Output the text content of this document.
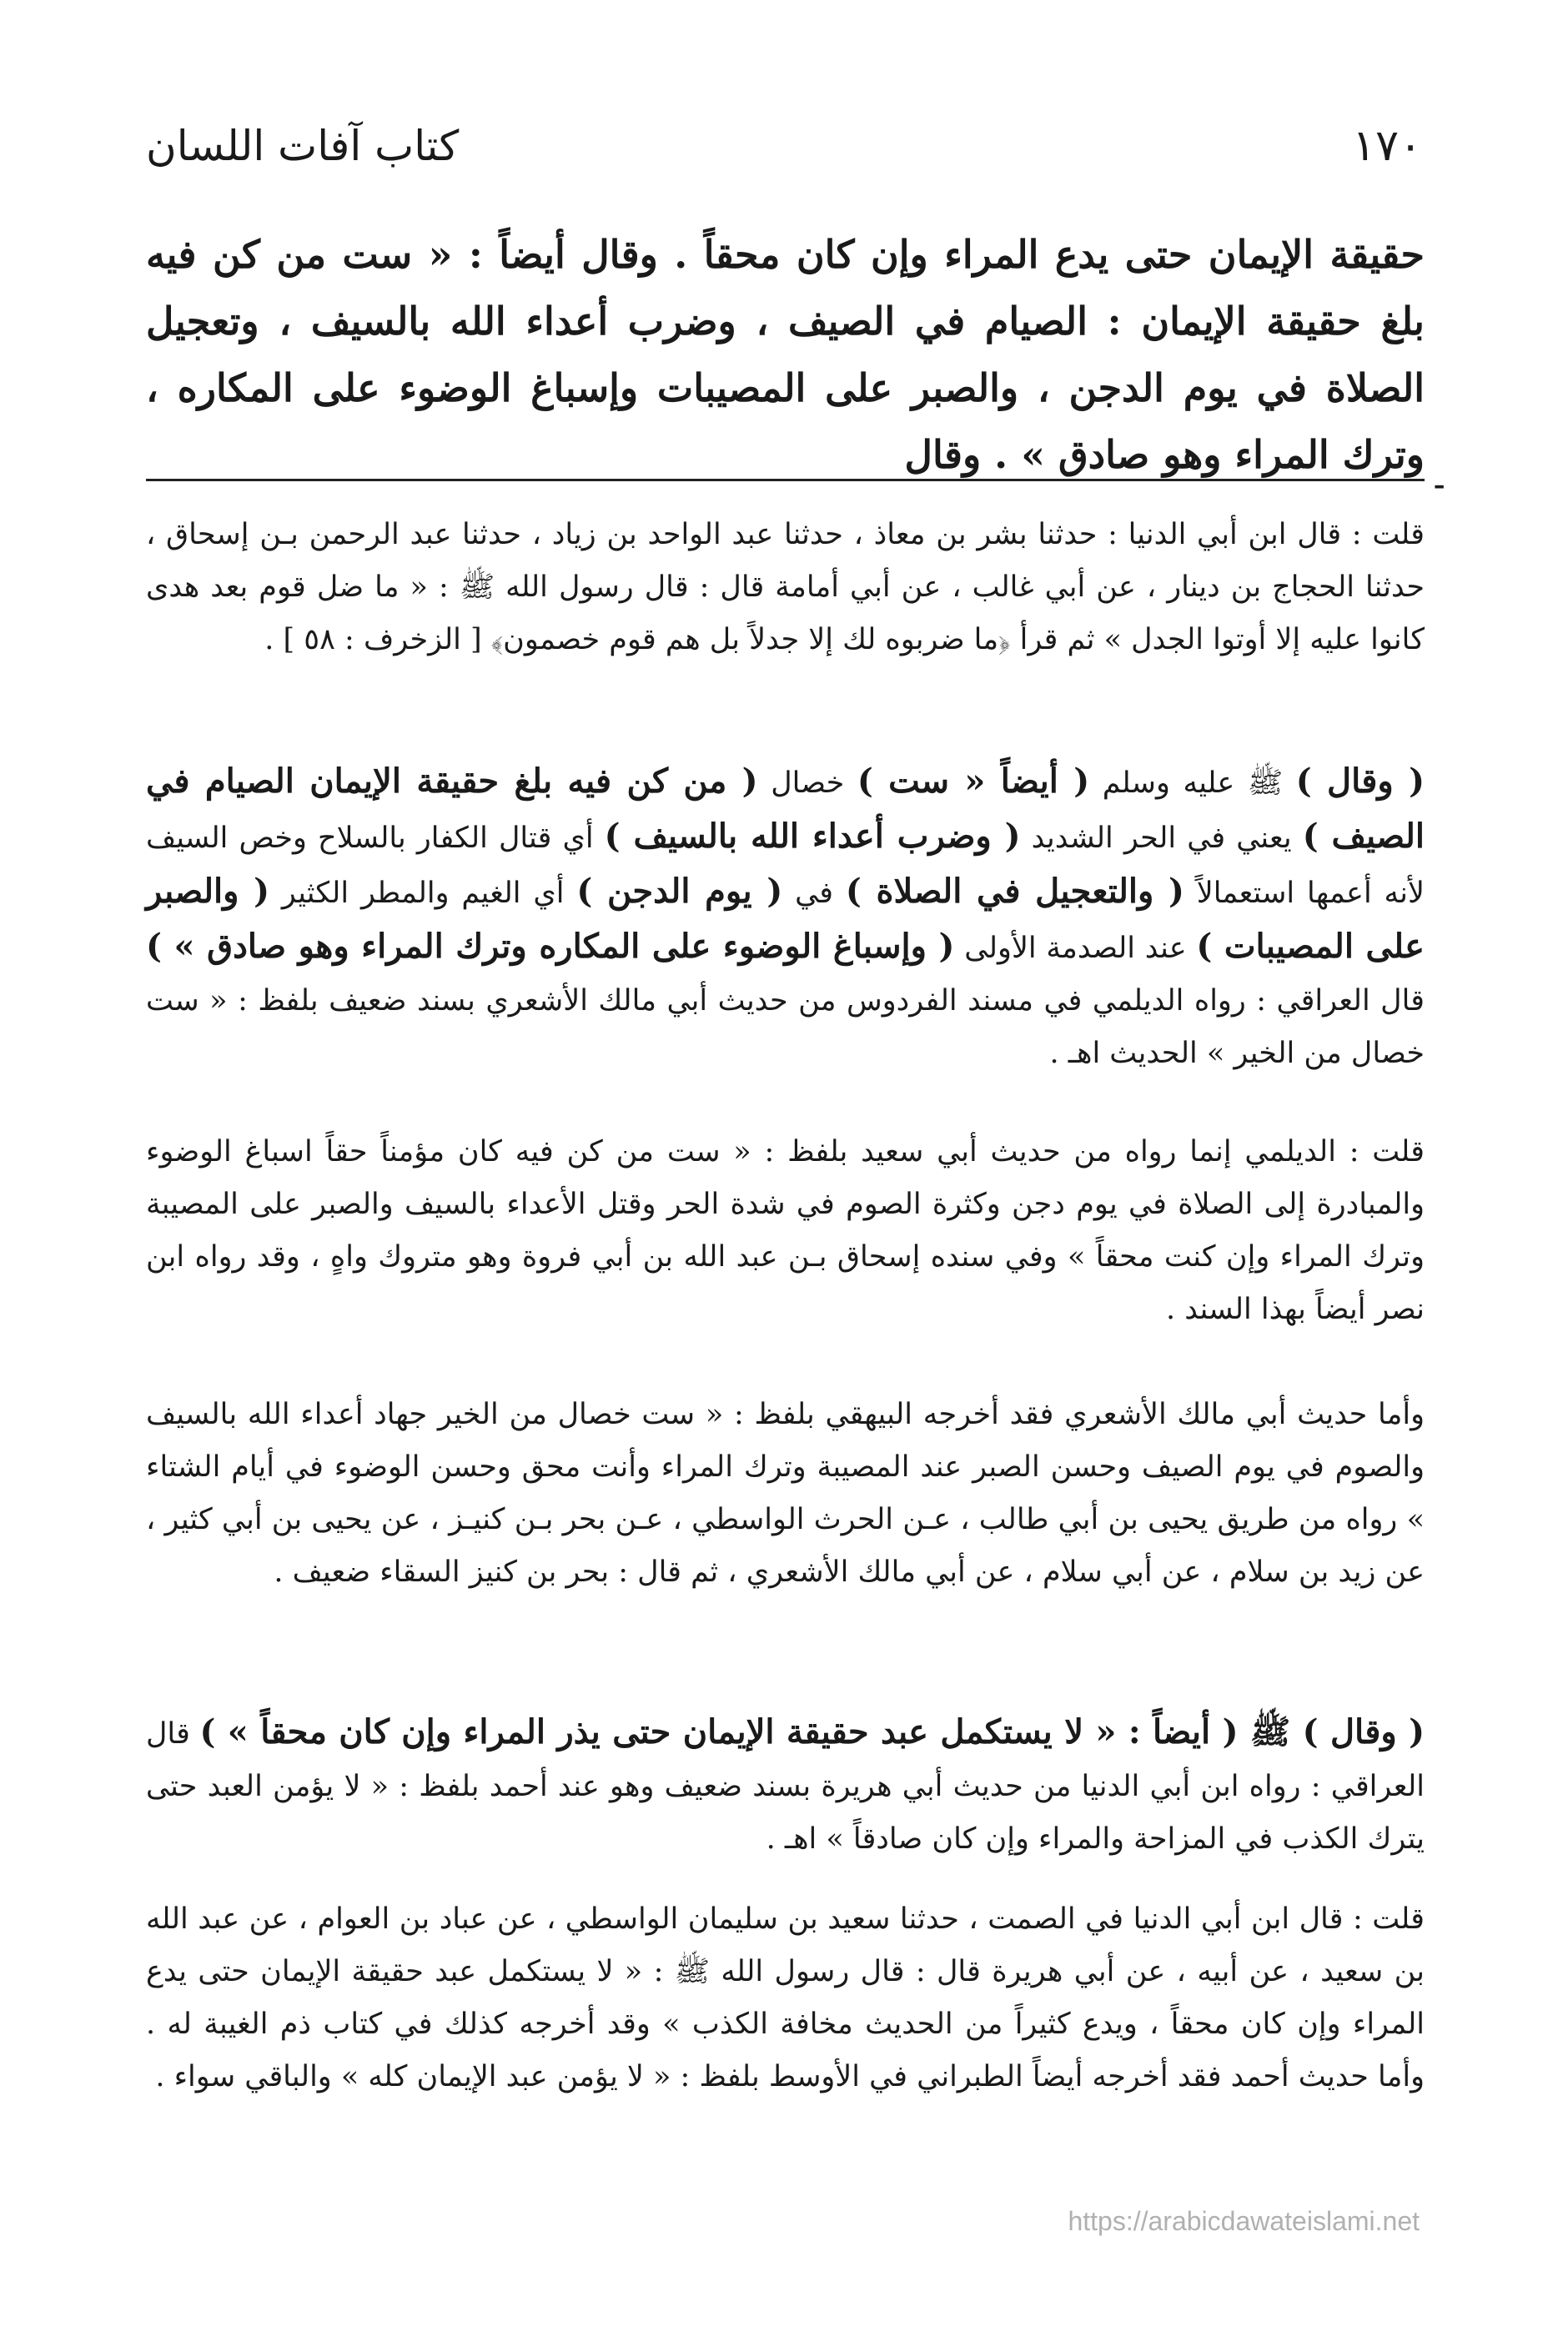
١٧٠
كتاب آفات اللسان

حقيقة الإيمان حتى يدع المراء وإن كان محقاً . وقال أيضاً : « ست من كن فيه بلغ حقيقة الإيمان : الصيام في الصيف ، وضرب أعداء الله بالسيف ، وتعجيل الصلاة في يوم الدجن ، والصبر على المصيبات وإسباغ الوضوء على المكاره ، وترك المراء وهو صادق » . وقال

ـ

قلت : قال ابن أبي الدنيا : حدثنا بشر بن معاذ ، حدثنا عبد الواحد بن زياد ، حدثنا عبد الرحمن بـن إسحاق ، حدثنا الحجاج بن دينار ، عن أبي غالب ، عن أبي أمامة قال : قال رسول الله ﷺ : « ما ضل قوم بعد هدى كانوا عليه إلا أوتوا الجدل » ثم قرأ ﴿ما ضربوه لك إلا جدلاً بل هم قوم خصمون﴾ [ الزخرف : ٥٨ ] .

( وقال ) ﷺ عليه وسلم ( أيضاً « ست ) خصال ( من كن فيه بلغ حقيقة الإيمان الصيام في الصيف ) يعني في الحر الشديد ( وضرب أعداء الله بالسيف ) أي قتال الكفار بالسلاح وخص السيف لأنه أعمها استعمالاً ( والتعجيل في الصلاة ) في ( يوم الدجن ) أي الغيم والمطر الكثير ( والصبر على المصيبات ) عند الصدمة الأولى ( وإسباغ الوضوء على المكاره وترك المراء وهو صادق » ) قال العراقي : رواه الديلمي في مسند الفردوس من حديث أبي مالك الأشعري بسند ضعيف بلفظ : « ست خصال من الخير » الحديث اهـ .

قلت : الديلمي إنما رواه من حديث أبي سعيد بلفظ : « ست من كن فيه كان مؤمناً حقاً اسباغ الوضوء والمبادرة إلى الصلاة في يوم دجن وكثرة الصوم في شدة الحر وقتل الأعداء بالسيف والصبر على المصيبة وترك المراء وإن كنت محقاً » وفي سنده إسحاق بـن عبد الله بن أبي فروة وهو متروك واهٍ ، وقد رواه ابن نصر أيضاً بهذا السند .

وأما حديث أبي مالك الأشعري فقد أخرجه البيهقي بلفظ : « ست خصال من الخير جهاد أعداء الله بالسيف والصوم في يوم الصيف وحسن الصبر عند المصيبة وترك المراء وأنت محق وحسن الوضوء في أيام الشتاء » رواه من طريق يحيى بن أبي طالب ، عـن الحرث الواسطي ، عـن بحر بـن كنيـز ، عن يحيى بن أبي كثير ، عن زيد بن سلام ، عن أبي سلام ، عن أبي مالك الأشعري ، ثم قال : بحر بن كنيز السقاء ضعيف .

( وقال ) ﷺ ( أيضاً : « لا يستكمل عبد حقيقة الإيمان حتى يذر المراء وإن كان محقاً » ) قال العراقي : رواه ابن أبي الدنيا من حديث أبي هريرة بسند ضعيف وهو عند أحمد بلفظ : « لا يؤمن العبد حتى يترك الكذب في المزاحة والمراء وإن كان صادقاً » اهـ .

قلت : قال ابن أبي الدنيا في الصمت ، حدثنا سعيد بن سليمان الواسطي ، عن عباد بن العوام ، عن عبد الله بن سعيد ، عن أبيه ، عن أبي هريرة قال : قال رسول الله ﷺ : « لا يستكمل عبد حقيقة الإيمان حتى يدع المراء وإن كان محقاً ، ويدع كثيراً من الحديث مخافة الكذب » وقد أخرجه كذلك في كتاب ذم الغيبة له . وأما حديث أحمد فقد أخرجه أيضاً الطبراني في الأوسط بلفظ : « لا يؤمن عبد الإيمان كله » والباقي سواء .

https://arabicdawateislami.net
